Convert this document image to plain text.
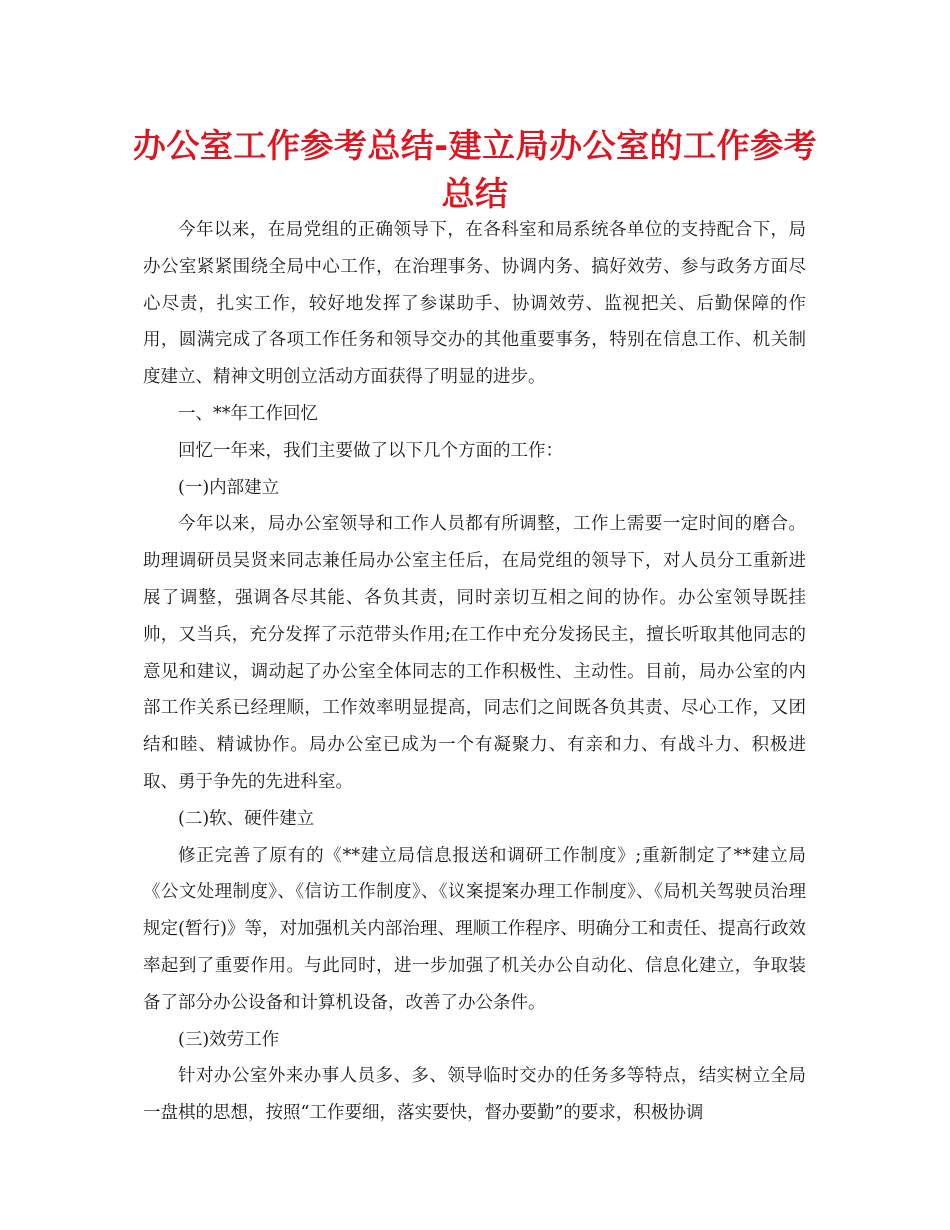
办公室工作参考总结-建立局办公室的工作参考总结
今年以来，在局党组的正确领导下，在各科室和局系统各单位的支持配合下，局办公室紧紧围绕全局中心工作，在治理事务、协调内务、搞好效劳、参与政务方面尽心尽责，扎实工作，较好地发挥了参谋助手、协调效劳、监视把关、后勤保障的作用，圆满完成了各项工作任务和领导交办的其他重要事务，特别在信息工作、机关制度建立、精神文明创立活动方面获得了明显的进步。
一、**年工作回忆
回忆一年来，我们主要做了以下几个方面的工作：
(一)内部建立
今年以来，局办公室领导和工作人员都有所调整，工作上需要一定时间的磨合。助理调研员吴贤来同志兼任局办公室主任后，在局党组的领导下，对人员分工重新进展了调整，强调各尽其能、各负其责，同时亲切互相之间的协作。办公室领导既挂帅，又当兵，充分发挥了示范带头作用;在工作中充分发扬民主，擅长听取其他同志的意见和建议，调动起了办公室全体同志的工作积极性、主动性。目前，局办公室的内部工作关系已经理顺，工作效率明显提高，同志们之间既各负其责、尽心工作，又团结和睦、精诚协作。局办公室已成为一个有凝聚力、有亲和力、有战斗力、积极进取、勇于争先的先进科室。
(二)软、硬件建立
修正完善了原有的《**建立局信息报送和调研工作制度》;重新制定了**建立局《公文处理制度》、《信访工作制度》、《议案提案办理工作制度》、《局机关驾驶员治理规定(暂行)》等，对加强机关内部治理、理顺工作程序、明确分工和责任、提高行政效率起到了重要作用。与此同时，进一步加强了机关办公自动化、信息化建立，争取装备了部分办公设备和计算机设备，改善了办公条件。
(三)效劳工作
针对办公室外来办事人员多、多、领导临时交办的任务多等特点，结实树立全局一盘棋的思想，按照“工作要细，落实要快，督办要勤”的要求，积极协调
